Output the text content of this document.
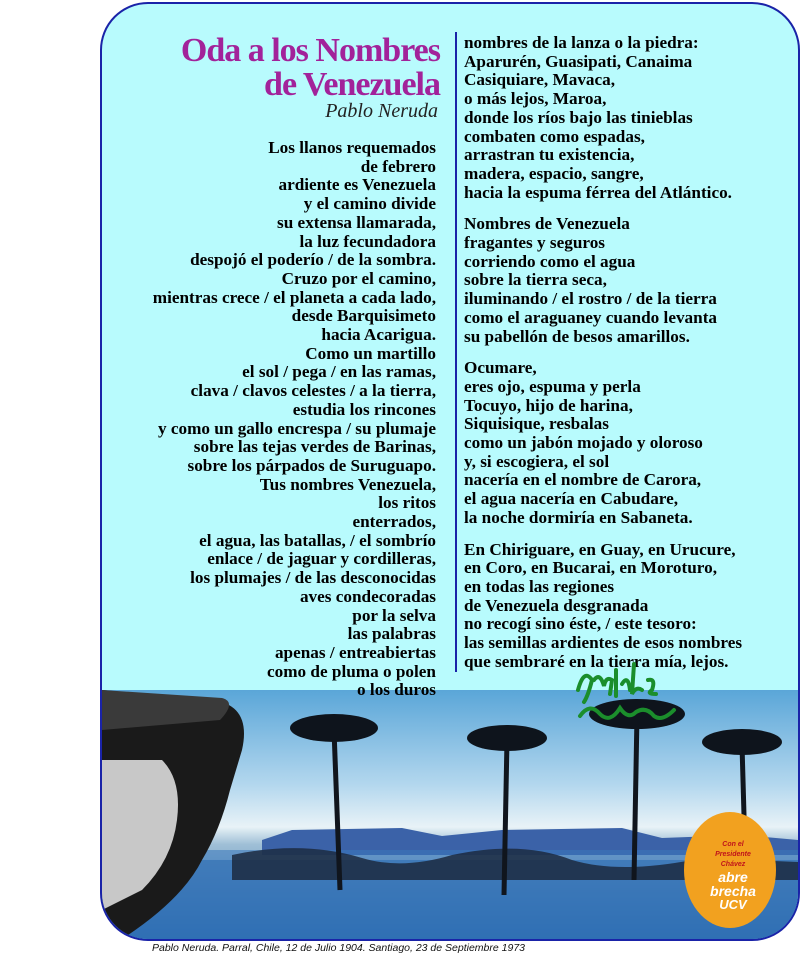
Con el
Presidente
Chávez
abre
brecha
UCV
Oda a los Nombres
de Venezuela
Pablo Neruda
Los llanos requemados
de febrero
ardiente es Venezuela
y el camino divide
su extensa llamarada,
la luz fecundadora
despojó el poderío / de la sombra.
Cruzo por el camino,
mientras crece / el planeta a cada lado,
desde Barquisimeto
hacia Acarigua.
Como un martillo
el sol / pega / en las ramas,
clava / clavos celestes / a la tierra,
estudia los rincones
y como un gallo encrespa / su plumaje
sobre las tejas verdes de Barinas,
sobre los párpados de Suruguapo.
Tus nombres Venezuela,
los ritos
enterrados,
el agua, las batallas, / el sombrío
enlace / de jaguar y cordilleras,
los plumajes / de las desconocidas
aves condecoradas
por la selva
las palabras
apenas / entreabiertas
como de pluma o polen
o los duros
nombres de la lanza o la piedra:
Aparurén, Guasipati, Canaima
Casiquiare, Mavaca,
o más lejos, Maroa,
donde los ríos bajo las tinieblas
combaten como espadas,
arrastran tu existencia,
madera, espacio, sangre,
hacia la espuma férrea del Atlántico.
Nombres de Venezuela
fragantes y seguros
corriendo como el agua
sobre la tierra seca,
iluminando / el rostro / de la tierra
como el araguaney cuando levanta
su pabellón de besos amarillos.
Ocumare,
eres ojo, espuma y perla
Tocuyo, hijo de harina,
Siquisique, resbalas
como un jabón mojado y oloroso
y, si escogiera, el sol
nacería en el nombre de Carora,
el agua nacería en Cabudare,
la noche dormiría en Sabaneta.
En Chiriguare, en Guay, en Urucure,
en Coro, en Bucarai, en Moroturo,
en todas las regiones
de Venezuela desgranada
no recogí sino éste, / este tesoro:
las semillas ardientes de esos nombres
que sembraré en la tierra mía, lejos.
Pablo Neruda. Parral, Chile, 12 de Julio 1904. Santiago, 23 de Septiembre 1973
